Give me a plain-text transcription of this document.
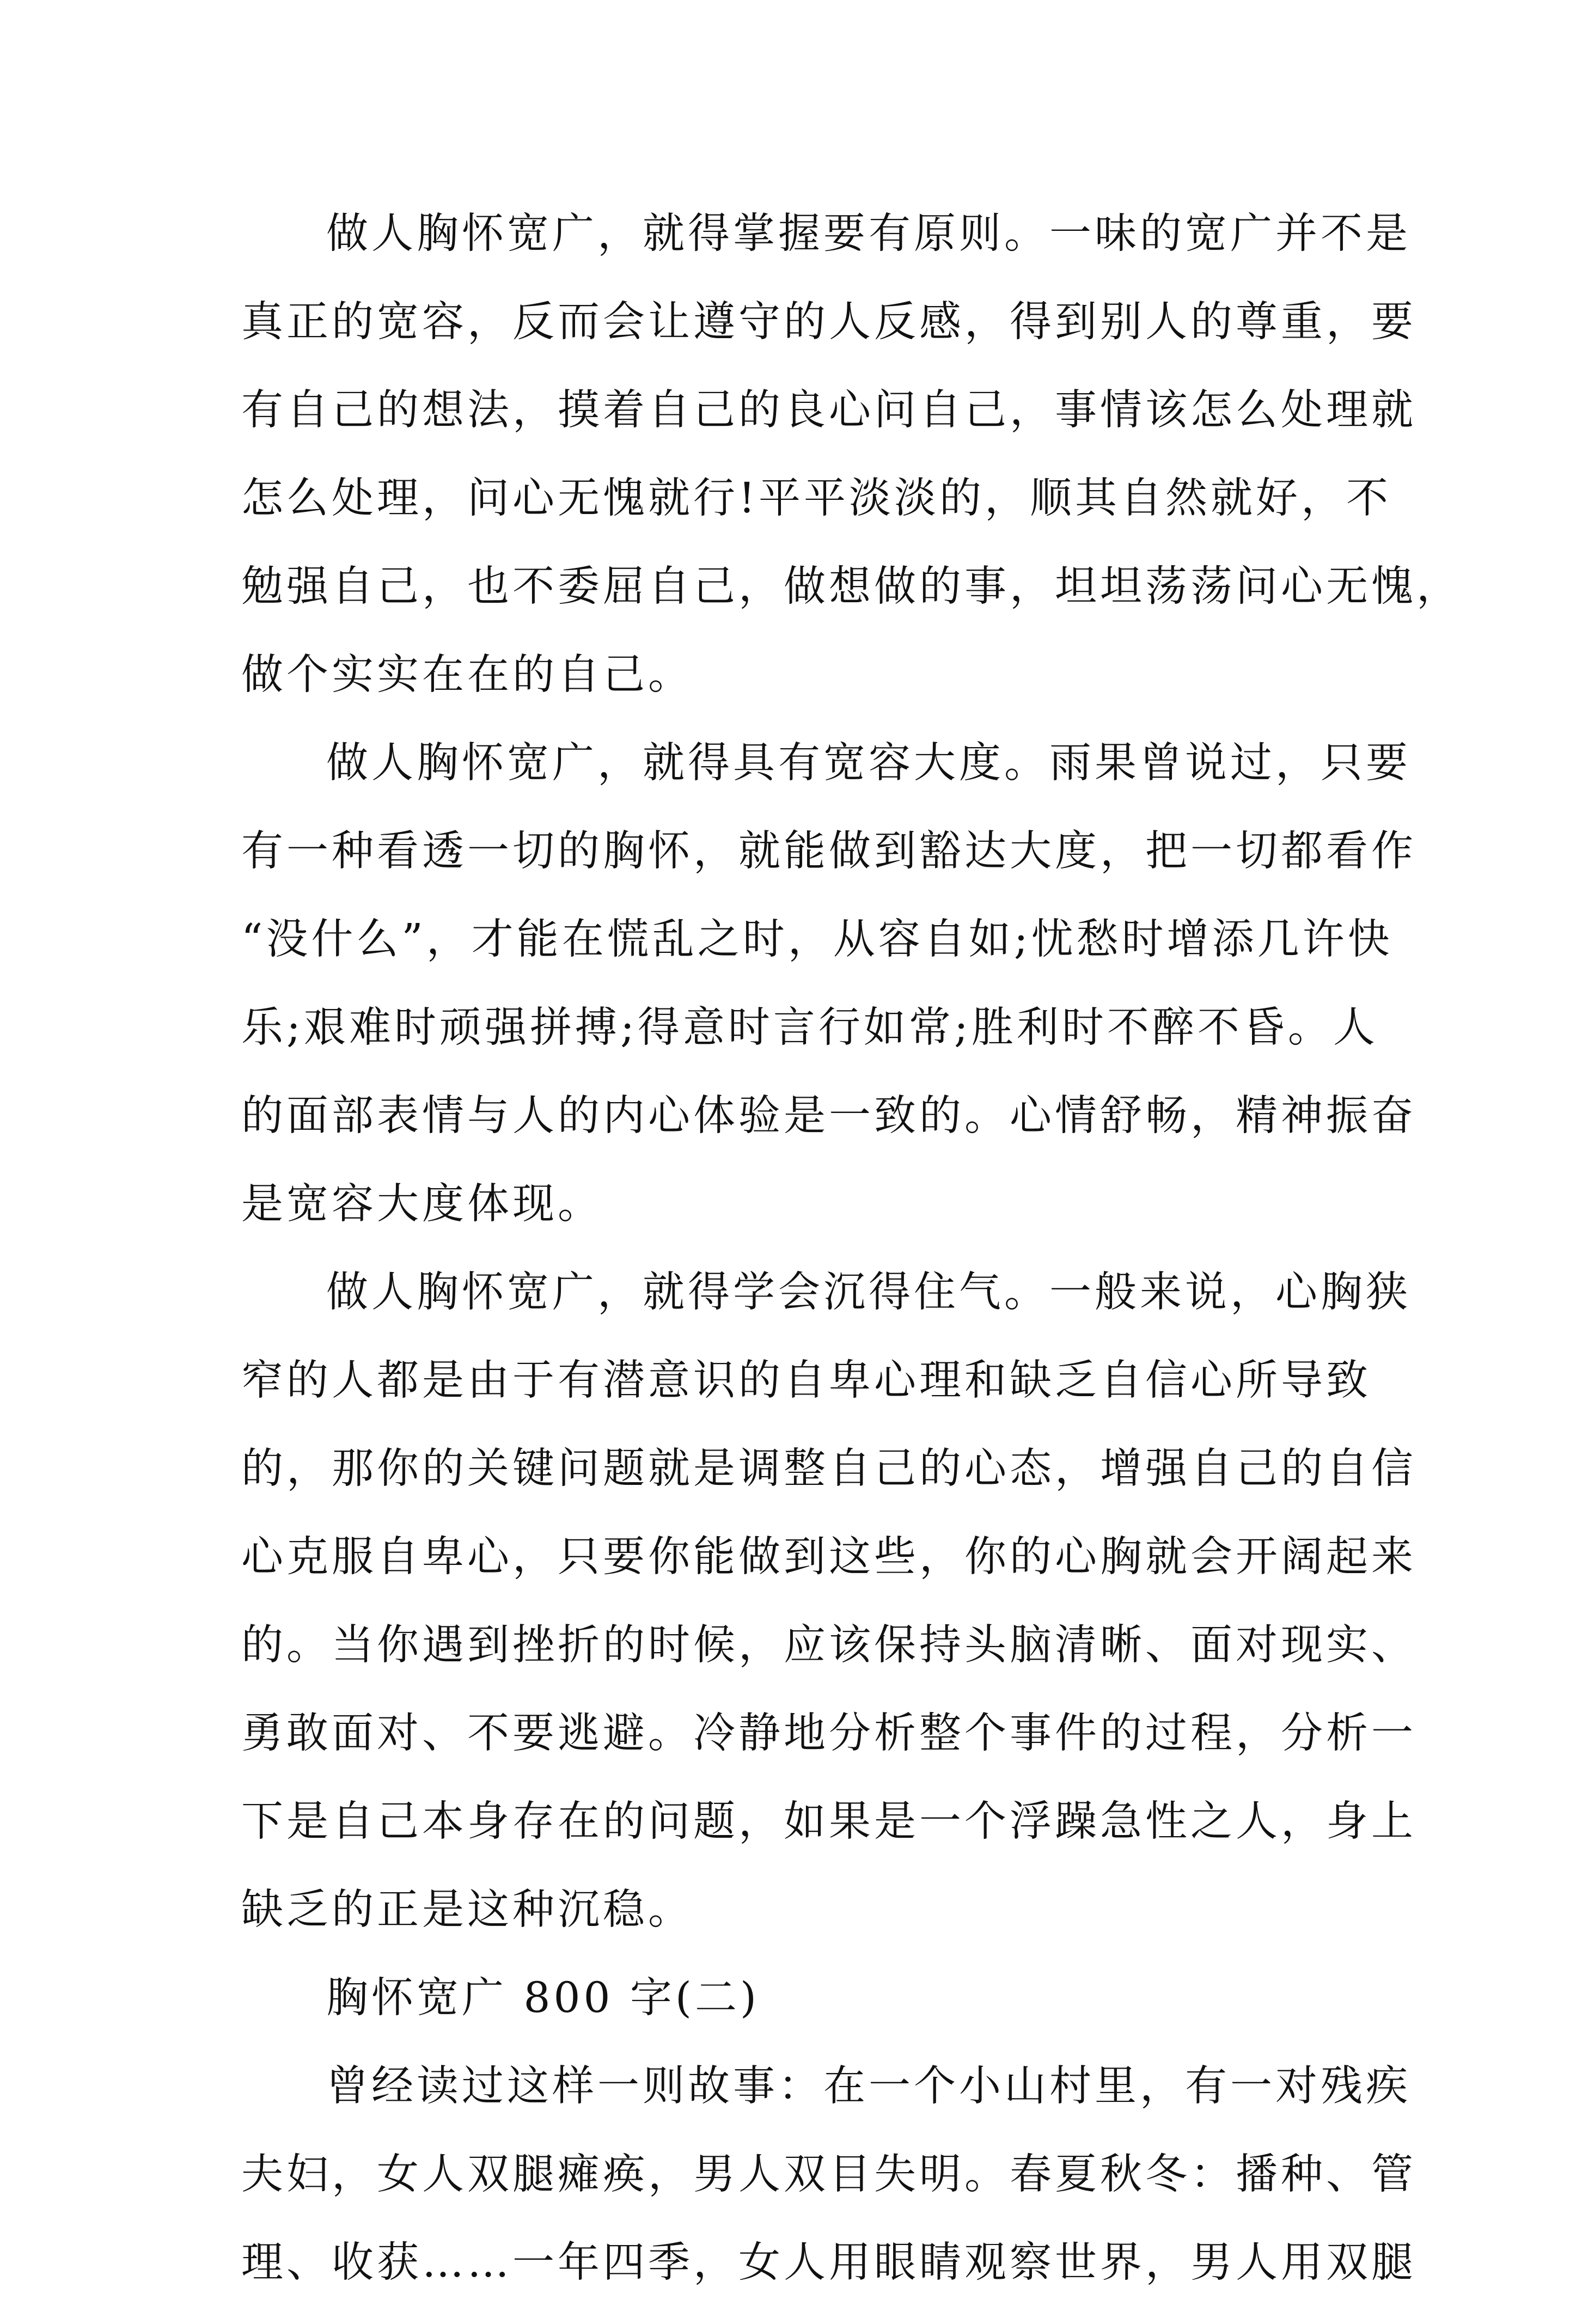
做人胸怀宽广，就得掌握要有原则。一味的宽广并不是
真正的宽容，反而会让遵守的人反感，得到别人的尊重，要
有自己的想法，摸着自己的良心问自己，事情该怎么处理就
怎么处理，问心无愧就行!平平淡淡的，顺其自然就好，不
勉强自己，也不委屈自己，做想做的事，坦坦荡荡问心无愧，
做个实实在在的自己。
做人胸怀宽广，就得具有宽容大度。雨果曾说过，只要
有一种看透一切的胸怀，就能做到豁达大度，把一切都看作
“没什么”，才能在慌乱之时，从容自如;忧愁时增添几许快
乐;艰难时顽强拼搏;得意时言行如常;胜利时不醉不昏。人
的面部表情与人的内心体验是一致的。心情舒畅，精神振奋
是宽容大度体现。
做人胸怀宽广，就得学会沉得住气。一般来说，心胸狭
窄的人都是由于有潜意识的自卑心理和缺乏自信心所导致
的，那你的关键问题就是调整自己的心态，增强自己的自信
心克服自卑心，只要你能做到这些，你的心胸就会开阔起来
的。当你遇到挫折的时候，应该保持头脑清晰、面对现实、
勇敢面对、不要逃避。冷静地分析整个事件的过程，分析一
下是自己本身存在的问题，如果是一个浮躁急性之人，身上
缺乏的正是这种沉稳。
胸怀宽广 800 字(二)
曾经读过这样一则故事：在一个小山村里，有一对残疾
夫妇，女人双腿瘫痪，男人双目失明。春夏秋冬：播种、管
理、收获……一年四季，女人用眼睛观察世界，男人用双腿
